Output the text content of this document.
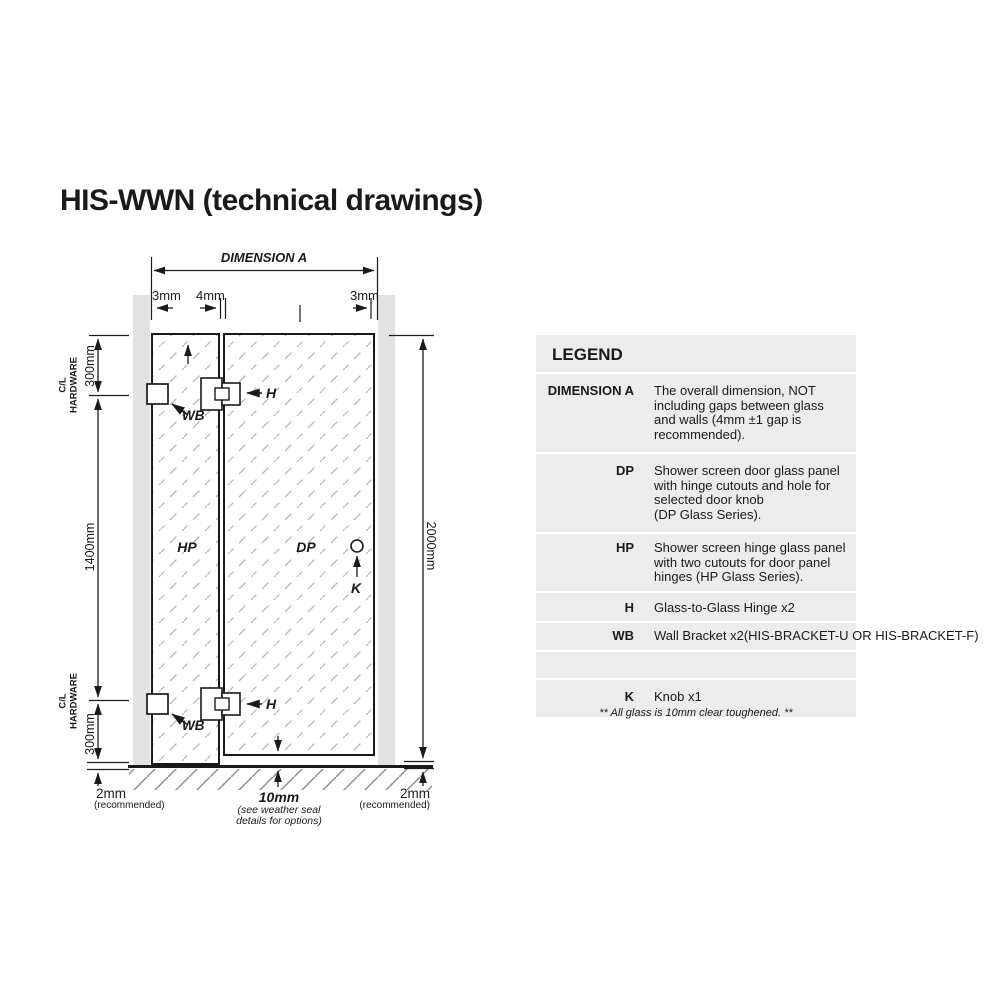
HIS-WWN (technical drawings)
DIMENSION A
3mm 4mm	3mm
C/L HARDWARE 300mm
1400mm
C/L HARDWARE
300mm
2000mm
HP	DP
H
H
WB
WB
K
2mm
(recommended)
10mm
(see weather seal
details for options)
2mm
(recommended)
LEGEND
DIMENSION A The overall dimension, NOT
including gaps between glass
and walls (4mm ±1 gap is
recommended).
DP Shower screen door glass panel
with hinge cutouts and hole for
selected door knob
(DP Glass Series).
HP Shower screen hinge glass panel
with two cutouts for door panel
hinges (HP Glass Series).
H Glass-to-Glass Hinge x2
WB Wall Bracket x2(HIS-BRACKET-U OR HIS-BRACKET-F)
K Knob x1
** All glass is 10mm clear toughened. **
